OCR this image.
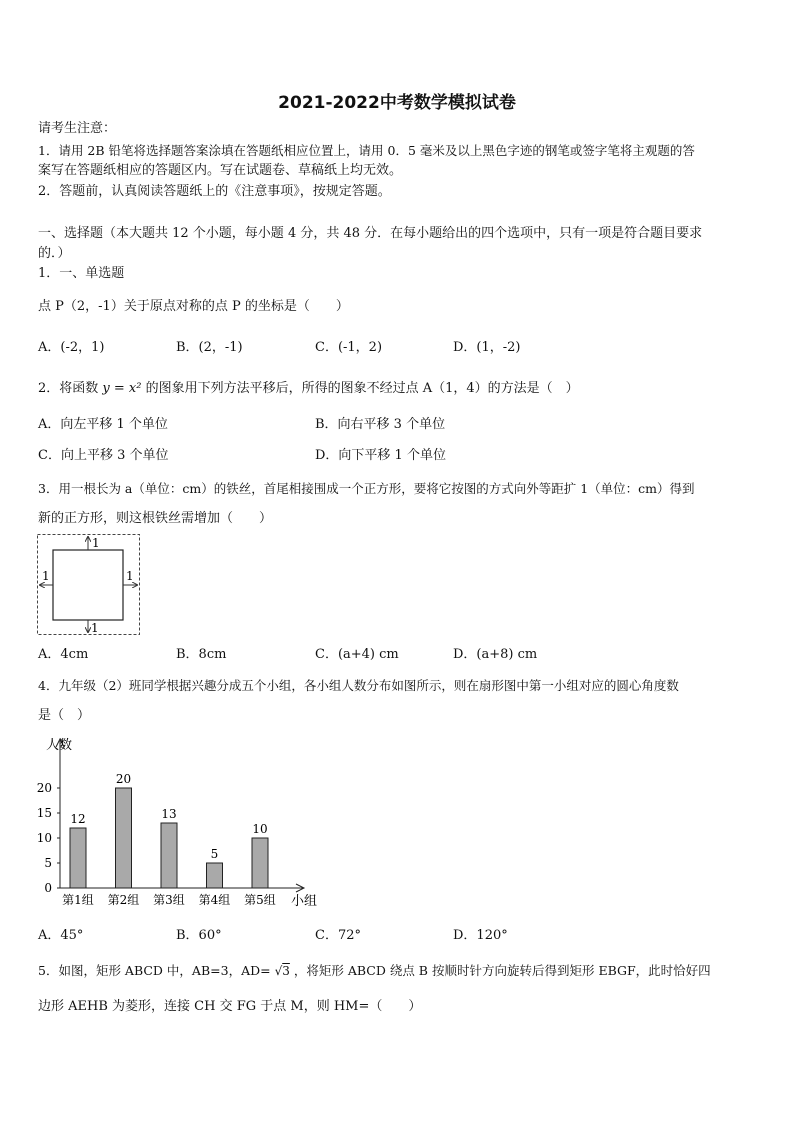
2021-2022中考数学模拟试卷

请考生注意：

1．请用 2B 铅笔将选择题答案涂填在答题纸相应位置上，请用 0．5 毫米及以上黑色字迹的钢笔或签字笔将主观题的答

案写在答题纸相应的答题区内。写在试题卷、草稿纸上均无效。

2．答题前，认真阅读答题纸上的《注意事项》，按规定答题。

一、选择题（本大题共 12 个小题，每小题 4 分，共 48 分．在每小题给出的四个选项中，只有一项是符合题目要求

的．）

1．一、单选题

点 P（2，-1）关于原点对称的点 P 的坐标是（　　）

A．(-2，1)	B．(2，-1)	C．(-1，2)	D．(1，-2)

2．将函数 y = x² 的图象用下列方法平移后，所得的图象不经过点 A（1，4）的方法是（　）

A．向左平移 1 个单位	B．向右平移 3 个单位

C．向上平移 3 个单位	D．向下平移 1 个单位

3．用一根长为 a（单位：cm）的铁丝，首尾相接围成一个正方形，要将它按图的方式向外等距扩 1（单位：cm）得到

新的正方形，则这根铁丝需增加（　　）

1
1	1
1

A．4cm	B．8cm	C．(a+4) cm	D．(a+8) cm

4．九年级（2）班同学根据兴趣分成五个小组，各小组人数分布如图所示，则在扇形图中第一小组对应的圆心角度数

是（　）

人数
小组
0
5
10
15
20
12
第1组
20
第2组
13
第3组
5
第4组
10
第5组

A．45°	B．60°	C．72°	D．120°

5．如图，矩形 ABCD 中，AB=3，AD= √3 ，将矩形 ABCD 绕点 B 按顺时针方向旋转后得到矩形 EBGF，此时恰好四

边形 AEHB 为菱形，连接 CH 交 FG 于点 M，则 HM=（　　）
